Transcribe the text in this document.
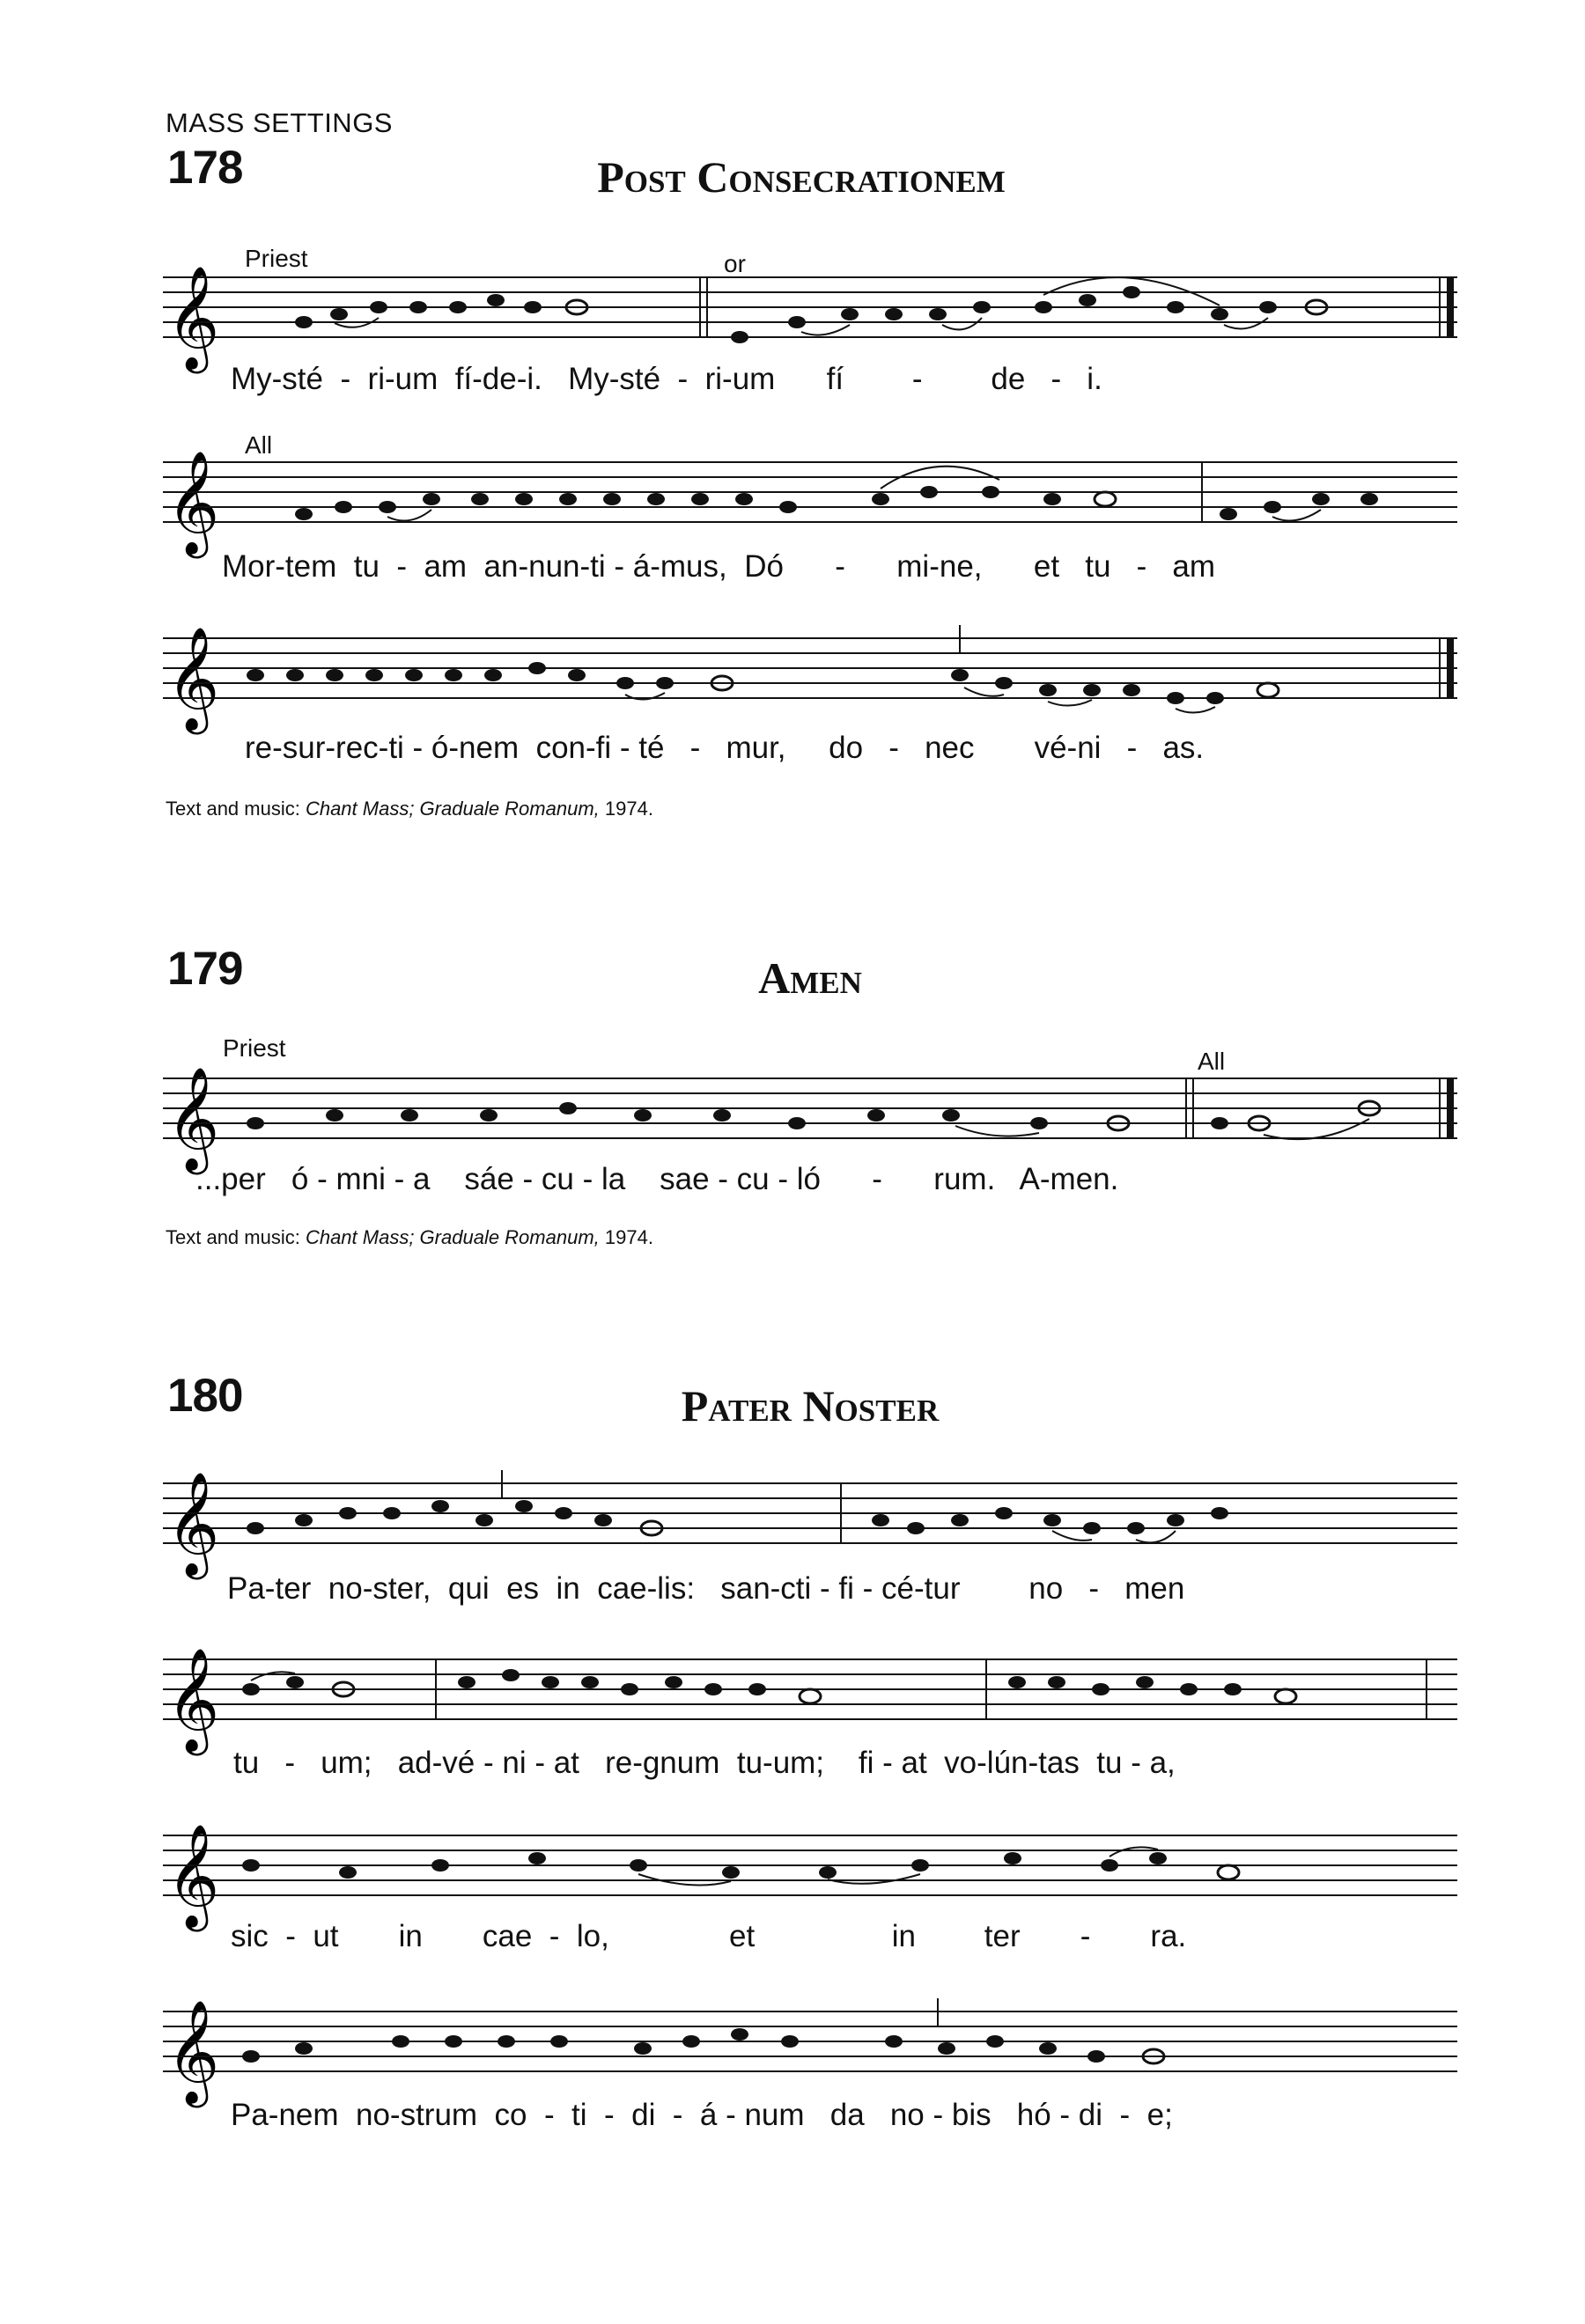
MASS SETTINGS
178	Post Consecrationem
Priest	or
𝄞
My-sté  -  ri-um  fí-de-i.   My-sté  -  ri-um      fí        -        de   -   i.
All
𝄞
Mor-tem  tu  -  am  an-nun-ti - á-mus,  Dó      -      mi-ne,      et   tu   -   am
𝄞
re-sur-rec-ti - ó-nem  con-fi - té   -   mur,     do   -   nec       vé-ni   -   as.
Text and music: Chant Mass; Graduale Romanum, 1974.
179	Amen
Priest	All
𝄞
...per   ó - mni - a    sáe - cu - la    sae - cu - ló      -      rum.   A-men.
Text and music: Chant Mass; Graduale Romanum, 1974.
180	Pater Noster
𝄞
Pa-ter  no-ster,  qui  es  in  cae-lis:   san-cti - fi - cé-tur        no   -   men
𝄞
tu   -   um;   ad-vé - ni - at   re-gnum  tu-um;    fi - at  vo-lún-tas  tu - a,
𝄞
sic  -  ut       in       cae  -  lo,              et                in        ter       -       ra.
𝄞
Pa-nem  no-strum  co  -  ti  -  di  -  á - num   da   no - bis   hó - di  -  e;
